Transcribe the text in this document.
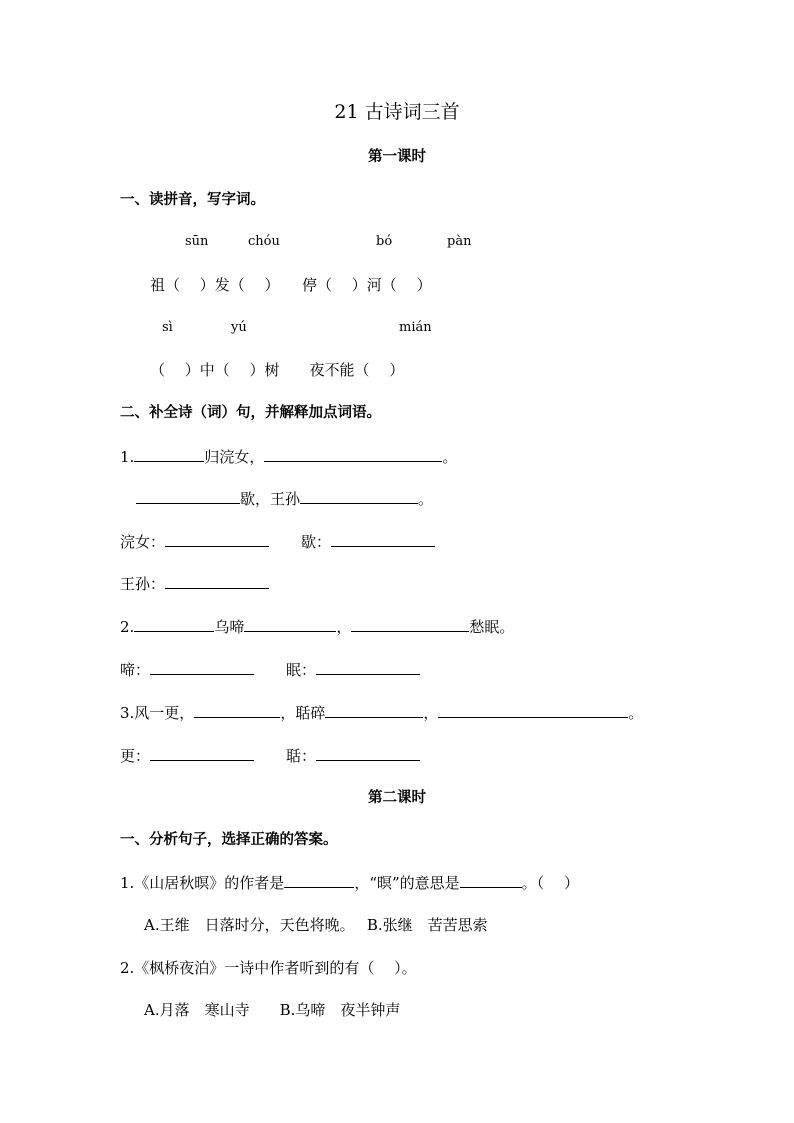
21 古诗词三首
第一课时
一、读拼音，写字词。
sūn	chóu	bó	pàn
祖（　 ）发（　 ）　　停（　 ）河（　 ）
sì	yú	mián
（　 ）中（　 ）树　　夜不能（　 ）
二、补全诗（词）句，并解释加点词语。
1.	归浣女，	。
歇，王孙	。
浣女：	歇：
王孙：
2.	乌啼	，	愁眠。
啼：	眠：
3.风一更，	，聒碎	，	。
更：	聒：
第二课时
一、分析句子，选择正确的答案。
1.《山居秋暝》的作者是	，“暝”的意思是	。（　 ）
A.王维　日落时分，天色将晚。　 B.张继　苦苦思索
2.《枫桥夜泊》一诗中作者听到的有（　 ）。
A.月落　寒山寺　　B.乌啼　夜半钟声
